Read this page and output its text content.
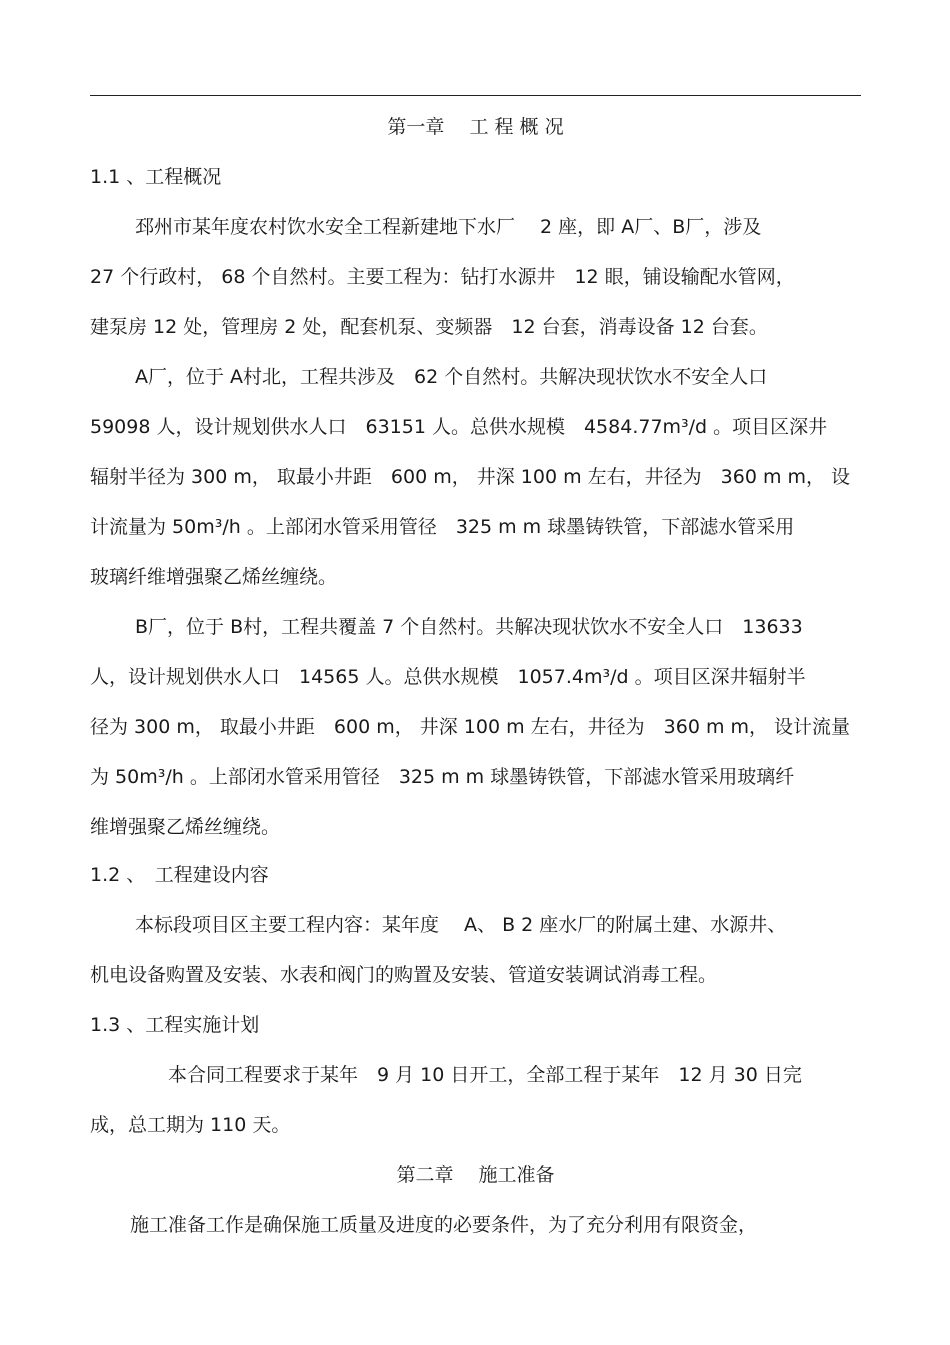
第一章　 工 程 概 况
1.1 、工程概况
邳州市某年度农村饮水安全工程新建地下水厂　 2 座，即 A厂、B厂，涉及
27 个行政村， 68 个自然村。主要工程为：钻打水源井　12 眼，铺设输配水管网，
建泵房 12 处，管理房 2 处，配套机泵、变频器　12 台套，消毒设备 12 台套。
A厂，位于 A村北，工程共涉及　62 个自然村。共解决现状饮水不安全人口
59098 人，设计规划供水人口　63151 人。总供水规模　4584.77m³/d 。项目区深井
辐射半径为 300 m， 取最小井距　600 m， 井深 100 m 左右，井径为　360 m m， 设
计流量为 50m³/h 。上部闭水管采用管径　325 m m 球墨铸铁管，下部滤水管采用
玻璃纤维增强聚乙烯丝缠绕。
B厂，位于 B村，工程共覆盖 7 个自然村。共解决现状饮水不安全人口　13633
人，设计规划供水人口　14565 人。总供水规模　1057.4m³/d 。项目区深井辐射半
径为 300 m， 取最小井距　600 m， 井深 100 m 左右，井径为　360 m m， 设计流量
为 50m³/h 。上部闭水管采用管径　325 m m 球墨铸铁管，下部滤水管采用玻璃纤
维增强聚乙烯丝缠绕。
1.2 、　工程建设内容
本标段项目区主要工程内容：某年度　 A、 B 2 座水厂的附属土建、水源井、
机电设备购置及安装、水表和阀门的购置及安装、管道安装调试消毒工程。
1.3 、工程实施计划
本合同工程要求于某年　9 月 10 日开工，全部工程于某年　12 月 30 日完
成，总工期为 110 天。
第二章　 施工准备
施工准备工作是确保施工质量及进度的必要条件，为了充分利用有限资金，
